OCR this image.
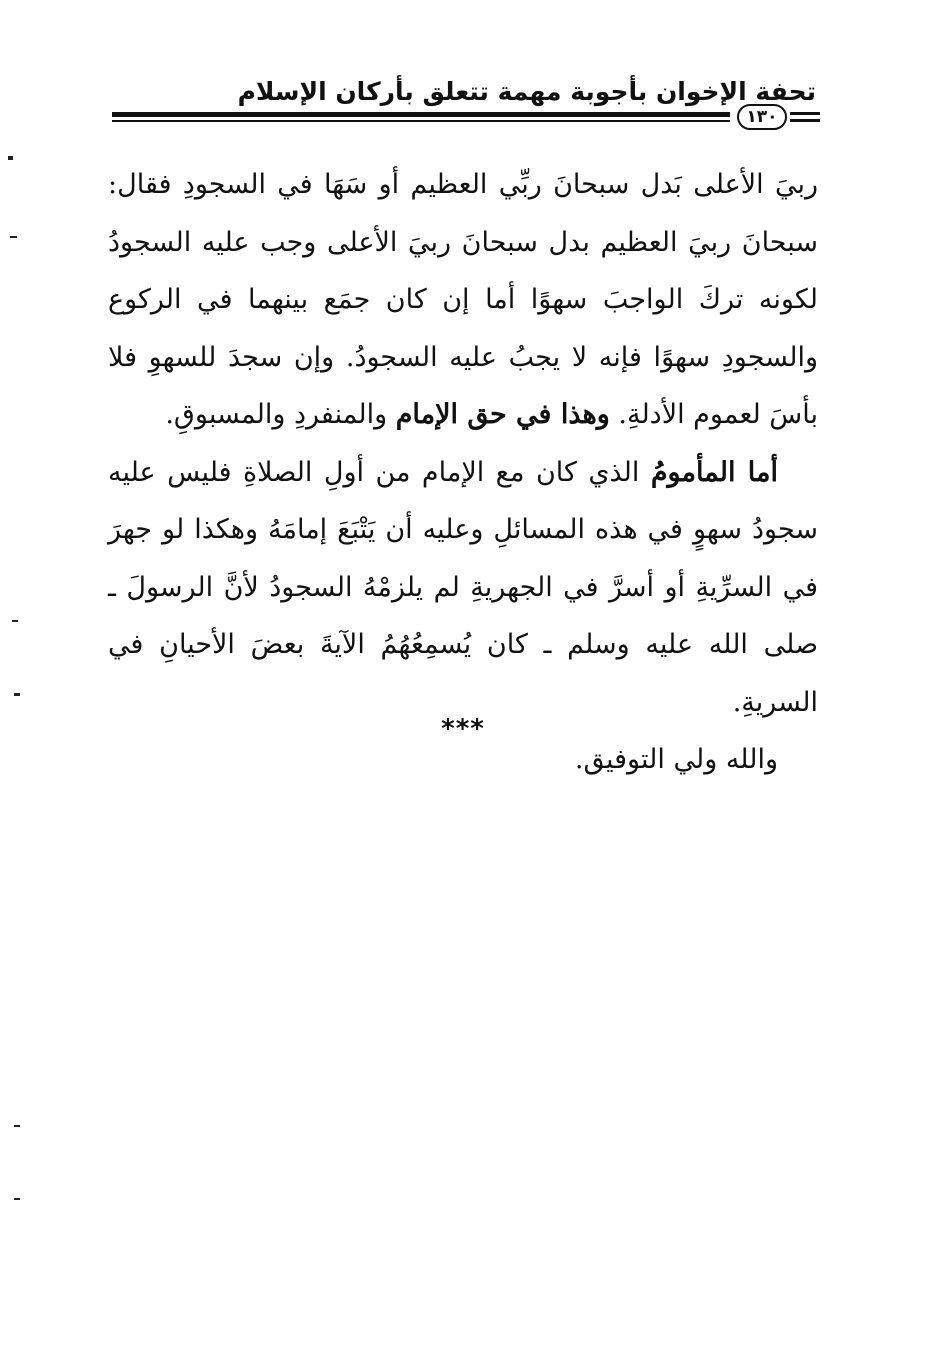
تحفة الإخوان بأجوبة مهمة تتعلق بأركان الإسلام
١٣٠

ربيَ الأعلى بَدل سبحانَ ربِّي العظيم أو سَهَا في السجودِ فقال: سبحانَ ربيَ العظيم بدل سبحانَ ربيَ الأعلى وجب عليه السجودُ لكونه تركَ الواجبَ سهوًا أما إن كان جمَع بينهما في الركوع والسجودِ سهوًا فإنه لا يجبُ عليه السجودُ. وإن سجدَ للسهوِ فلا بأسَ لعموم الأدلةِ. وهذا في حق الإمام والمنفردِ والمسبوقِ.

أما المأمومُ الذي كان مع الإمام من أولِ الصلاةِ فليس عليه سجودُ سهوٍ في هذه المسائلِ وعليه أن يَتْبَعَ إمامَهُ وهكذا لو جهرَ في السرِّيةِ أو أسرَّ في الجهريةِ لم يلزمْهُ السجودُ لأنَّ الرسولَ ـ صلى الله عليه وسلم ـ كان يُسمِعُهُمُ الآيةَ بعضَ الأحيانِ في السريةِ.

والله ولي التوفيق.

***
